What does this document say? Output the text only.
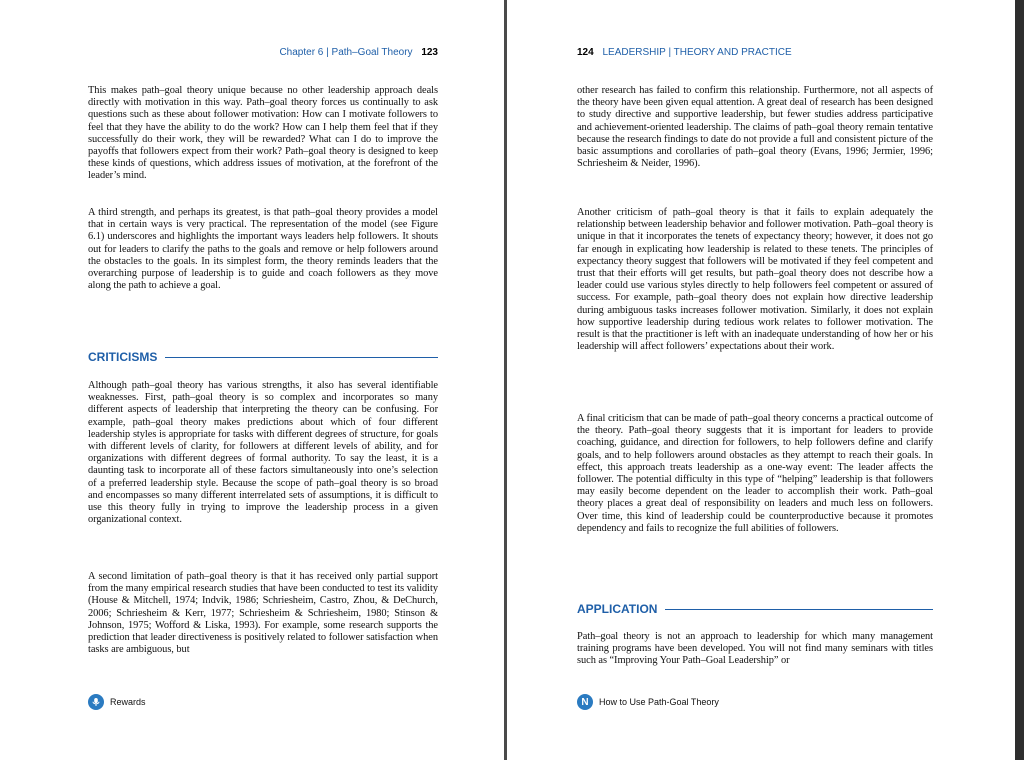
Chapter 6 | Path–Goal Theory 123

This makes path–goal theory unique because no other leadership approach deals directly with motivation in this way. Path–goal theory forces us continually to ask questions such as these about follower motivation: How can I motivate followers to feel that they have the ability to do the work? How can I help them feel that if they successfully do their work, they will be rewarded? What can I do to improve the payoffs that followers expect from their work? Path–goal theory is designed to keep these kinds of questions, which address issues of motivation, at the forefront of the leader’s mind.

A third strength, and perhaps its greatest, is that path–goal theory provides a model that in certain ways is very practical. The representation of the model (see Figure 6.1) underscores and highlights the important ways leaders help followers. It shouts out for leaders to clarify the paths to the goals and remove or help followers around the obstacles to the goals. In its simplest form, the theory reminds leaders that the overarching purpose of leadership is to guide and coach followers as they move along the path to achieve a goal.

CRITICISMS

Although path–goal theory has various strengths, it also has several identifiable weaknesses. First, path–goal theory is so complex and incorporates so many different aspects of leadership that interpreting the theory can be confusing. For example, path–goal theory makes predictions about which of four different leadership styles is appropriate for tasks with different degrees of structure, for goals with different levels of clarity, for followers at different levels of ability, and for organizations with different degrees of formal authority. To say the least, it is a daunting task to incorporate all of these factors simultaneously into one’s selection of a preferred leadership style. Because the scope of path–goal theory is so broad and encompasses so many different interrelated sets of assumptions, it is difficult to use this theory fully in trying to improve the leadership process in a given organizational context.

A second limitation of path–goal theory is that it has received only partial support from the many empirical research studies that have been conducted to test its validity (House & Mitchell, 1974; Indvik, 1986; Schriesheim, Castro, Zhou, & DeChurch, 2006; Schriesheim & Kerr, 1977; Schriesheim & Schriesheim, 1980; Stinson & Johnson, 1975; Wofford & Liska, 1993). For example, some research supports the prediction that leader directiveness is positively related to follower satisfaction when tasks are ambiguous, but

Rewards
124 LEADERSHIP | THEORY AND PRACTICE

other research has failed to confirm this relationship. Furthermore, not all aspects of the theory have been given equal attention. A great deal of research has been designed to study directive and supportive leadership, but fewer studies address participative and achievement-oriented leadership. The claims of path–goal theory remain tentative because the research findings to date do not provide a full and consistent picture of the basic assumptions and corollaries of path–goal theory (Evans, 1996; Jermier, 1996; Schriesheim & Neider, 1996).

Another criticism of path–goal theory is that it fails to explain adequately the relationship between leadership behavior and follower motivation. Path–goal theory is unique in that it incorporates the tenets of expectancy theory; however, it does not go far enough in explicating how leadership is related to these tenets. The principles of expectancy theory suggest that followers will be motivated if they feel competent and trust that their efforts will get results, but path–goal theory does not describe how a leader could use various styles directly to help followers feel competent or assured of success. For example, path–goal theory does not explain how directive leadership during ambiguous tasks increases follower motivation. Similarly, it does not explain how supportive leadership during tedious work relates to follower motivation. The result is that the practitioner is left with an inadequate understanding of how her or his leadership will affect followers’ expectations about their work.

A final criticism that can be made of path–goal theory concerns a practical outcome of the theory. Path–goal theory suggests that it is important for leaders to provide coaching, guidance, and direction for followers, to help followers define and clarify goals, and to help followers around obstacles as they attempt to reach their goals. In effect, this approach treats leadership as a one-way event: The leader affects the follower. The potential difficulty in this type of “helping” leadership is that followers may easily become dependent on the leader to accomplish their work. Path–goal theory places a great deal of responsibility on leaders and much less on followers. Over time, this kind of leadership could be counterproductive because it promotes dependency and fails to recognize the full abilities of followers.

APPLICATION

Path–goal theory is not an approach to leadership for which many management training programs have been developed. You will not find many seminars with titles such as “Improving Your Path–Goal Leadership” or

N	How to Use Path-Goal Theory
